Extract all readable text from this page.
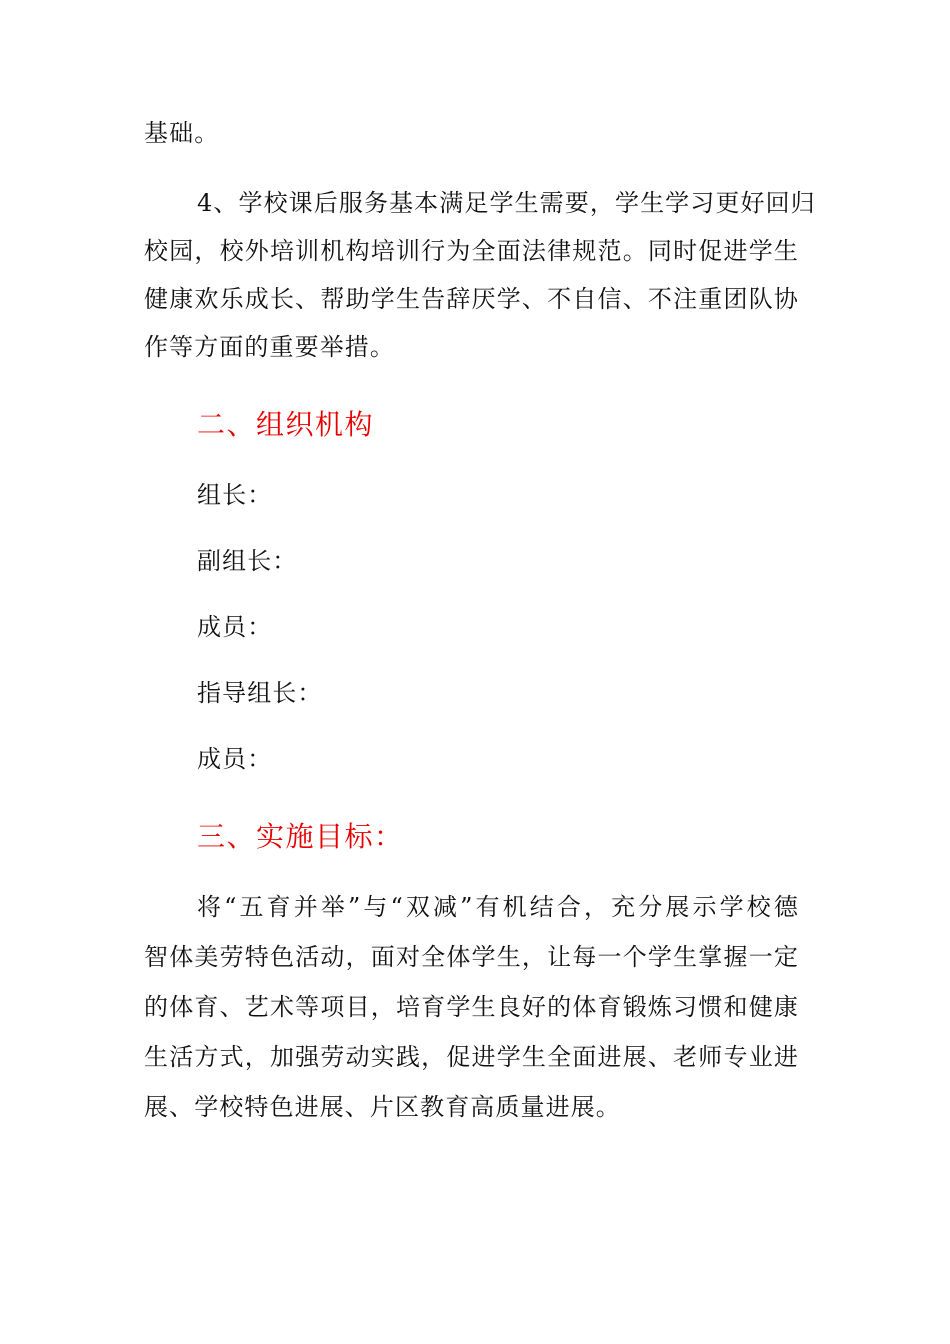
基础。
4、学校课后服务基本满足学生需要，学生学习更好回归
校园，校外培训机构培训行为全面法律规范。同时促进学生
健康欢乐成长、帮助学生告辞厌学、不自信、不注重团队协
作等方面的重要举措。
二、组织机构
组长：
副组长：
成员：
指导组长：
成员：
三、实施目标：
将“五育并举”与“双减”有机结合，充分展示学校德
智体美劳特色活动，面对全体学生，让每一个学生掌握一定
的体育、艺术等项目，培育学生良好的体育锻炼习惯和健康
生活方式，加强劳动实践，促进学生全面进展、老师专业进
展、学校特色进展、片区教育高质量进展。
